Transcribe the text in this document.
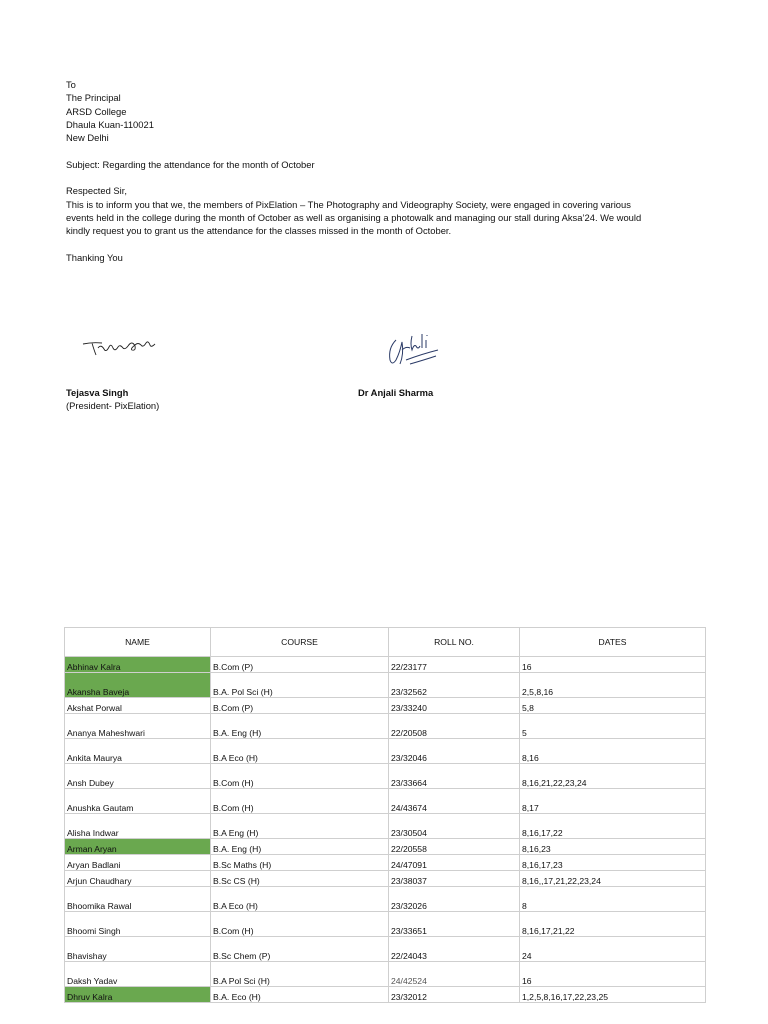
To

The Principal

ARSD College

Dhaula Kuan-110021

New Delhi

Subject: Regarding the attendance for the month of October

Respected Sir,

This is to inform you that we, the members of PixElation – The Photography and Videography Society, were engaged in covering various

events held in the college during the month of October as well as organising a photowalk and managing our stall during Aksa’24. We would

kindly request you to grant us the attendance for the classes missed in the month of October.

Thanking You

Tejasva Singh
(President- PixElation)
Dr Anjali Sharma
NAME	COURSE	ROLL NO.	DATES
Abhinav Kalra	B.Com (P)	22/23177	16
Akansha Baveja	B.A. Pol Sci (H)	23/32562	2,5,8,16
Akshat Porwal	B.Com (P)	23/33240	5,8
Ananya Maheshwari	B.A. Eng (H)	22/20508	5
Ankita Maurya	B.A Eco (H)	23/32046	8,16
Ansh Dubey	B.Com (H)	23/33664	8,16,21,22,23,24
Anushka Gautam	B.Com (H)	24/43674	8,17
Alisha Indwar	B.A Eng (H)	23/30504	8,16,17,22
Arman Aryan	B.A. Eng (H)	22/20558	8,16,23
Aryan Badlani	B.Sc Maths (H)	24/47091	8,16,17,23
Arjun Chaudhary	B.Sc CS (H)	23/38037	8,16,,17,21,22,23,24
Bhoomika Rawal	B.A Eco (H)	23/32026	8
Bhoomi Singh	B.Com (H)	23/33651	8,16,17,21,22
Bhavishay	B.Sc Chem (P)	22/24043	24
Daksh Yadav	B.A Pol Sci (H)	24/42524	16
Dhruv Kalra	B.A. Eco (H)	23/32012	1,2,5,8,16,17,22,23,25
